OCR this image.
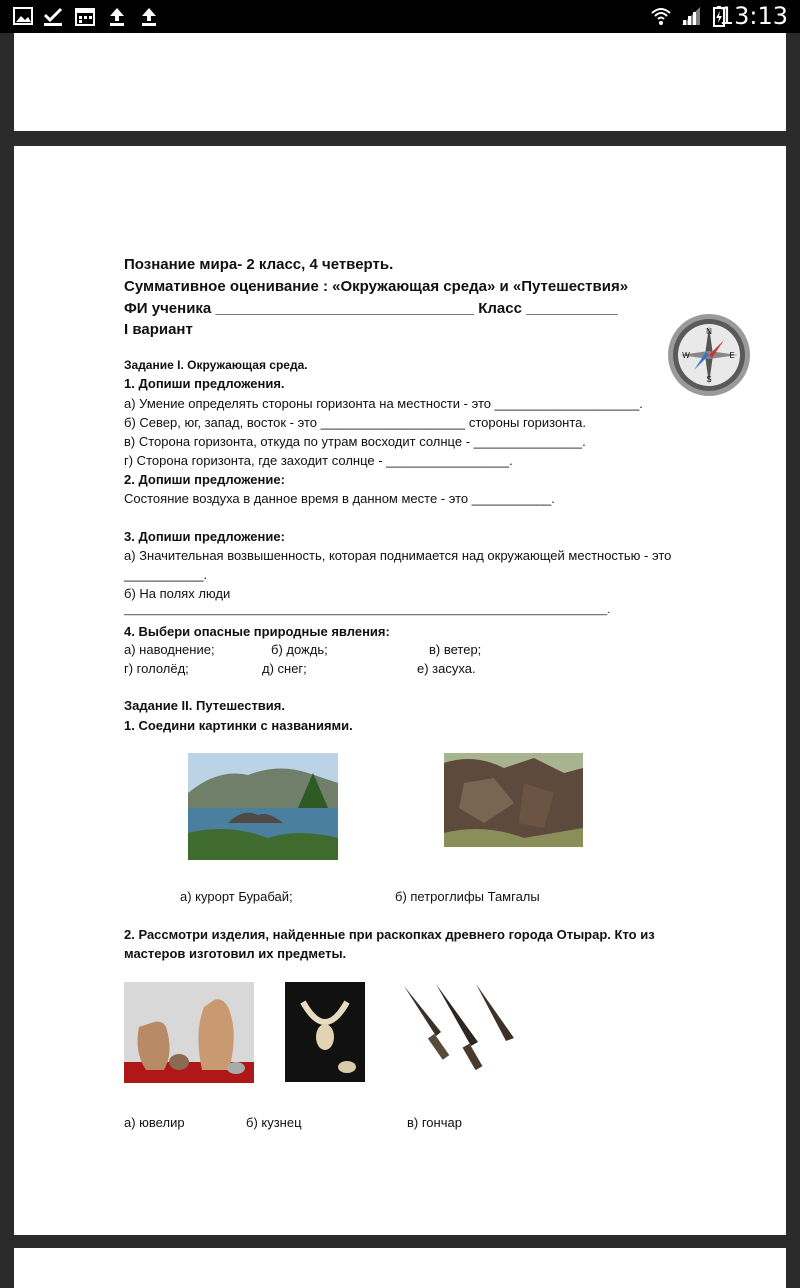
13:13
Познание мира- 2 класс, 4 четверть.
Суммативное оценивание : «Окружающая среда» и «Путешествия»
ФИ ученика _______________________________ Класс ___________
I вариант
Задание I. Окружающая среда.
1. Допиши предложения.
а) Умение определять стороны горизонта на местности - это ____________________.
б) Север, юг, запад, восток - это ____________________ стороны горизонта.
в) Сторона горизонта, откуда по утрам восходит солнце - _______________.
г) Сторона горизонта, где заходит солнце - _________________.
2. Допиши предложение:
Состояние воздуха в данное время в данном месте - это ___________.
3. Допиши предложение:
а) Значительная возвышенность, которая поднимается над окружающей местностью - это
___________.
б) На полях люди
_______________________________________________________________________________.
4. Выбери опасные природные явления:
а) наводнение;	б) дождь;	в) ветер;
г) гололёд;	д) снег;	е) засуха.
Задание II. Путешествия.
1. Соедини картинки с названиями.
а) курорт Бурабай;	б) петроглифы Тамгалы
2. Рассмотри изделия, найденные при раскопках древнего города Отырар. Кто из
мастеров изготовил их предметы.
а) ювелир	б) кузнец	в) гончар
N
S
E
W
